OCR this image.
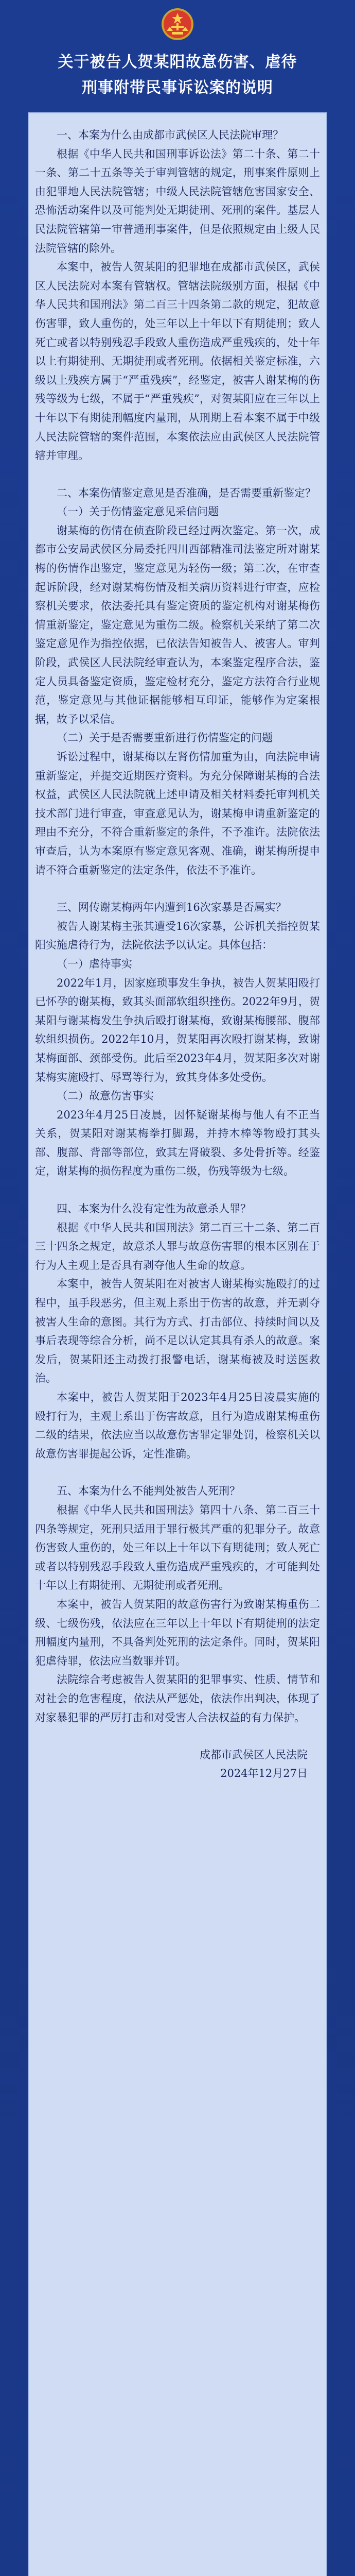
关于被告人贺某阳故意伤害、虐待
刑事附带民事诉讼案的说明

一、本案为什么由成都市武侯区人民法院审理？

根据《中华人民共和国刑事诉讼法》第二十条、第二十一条、第二十五条等关于审判管辖的规定，刑事案件原则上由犯罪地人民法院管辖；中级人民法院管辖危害国家安全、恐怖活动案件以及可能判处无期徒刑、死刑的案件。基层人民法院管辖第一审普通刑事案件，但是依照规定由上级人民法院管辖的除外。

本案中，被告人贺某阳的犯罪地在成都市武侯区，武侯区人民法院对本案有管辖权。管辖法院级别方面，根据《中华人民共和国刑法》第二百三十四条第二款的规定，犯故意伤害罪，致人重伤的，处三年以上十年以下有期徒刑；致人死亡或者以特别残忍手段致人重伤造成严重残疾的，处十年以上有期徒刑、无期徒刑或者死刑。依据相关鉴定标准，六级以上残疾方属于“严重残疾”，经鉴定，被害人谢某梅的伤残等级为七级，不属于“严重残疾”，对贺某阳应在三年以上十年以下有期徒刑幅度内量刑，从刑期上看本案不属于中级人民法院管辖的案件范围，本案依法应由武侯区人民法院管辖并审理。

二、本案伤情鉴定意见是否准确，是否需要重新鉴定？

（一）关于伤情鉴定意见采信问题

谢某梅的伤情在侦查阶段已经过两次鉴定。第一次，成都市公安局武侯区分局委托四川西部精准司法鉴定所对谢某梅的伤情作出鉴定，鉴定意见为轻伤一级；第二次，在审查起诉阶段，经对谢某梅伤情及相关病历资料进行审查，应检察机关要求，依法委托具有鉴定资质的鉴定机构对谢某梅伤情重新鉴定，鉴定意见为重伤二级。检察机关采纳了第二次鉴定意见作为指控依据，已依法告知被告人、被害人。审判阶段，武侯区人民法院经审查认为，本案鉴定程序合法，鉴定人员具备鉴定资质，鉴定检材充分，鉴定方法符合行业规范，鉴定意见与其他证据能够相互印证，能够作为定案根据，故予以采信。

（二）关于是否需要重新进行伤情鉴定的问题

诉讼过程中，谢某梅以左肾伤情加重为由，向法院申请重新鉴定，并提交近期医疗资料。为充分保障谢某梅的合法权益，武侯区人民法院就上述申请及相关材料委托审判机关技术部门进行审查，审查意见认为，谢某梅申请重新鉴定的理由不充分，不符合重新鉴定的条件，不予准许。法院依法审查后，认为本案原有鉴定意见客观、准确，谢某梅所提申请不符合重新鉴定的法定条件，依法不予准许。

三、网传谢某梅两年内遭到16次家暴是否属实？

被告人谢某梅主张其遭受16次家暴，公诉机关指控贺某阳实施虐待行为，法院依法予以认定。具体包括：

（一）虐待事实

2022年1月，因家庭琐事发生争执，被告人贺某阳殴打已怀孕的谢某梅，致其头面部软组织挫伤。2022年9月，贺某阳与谢某梅发生争执后殴打谢某梅，致谢某梅腰部、腹部软组织损伤。2022年10月，贺某阳再次殴打谢某梅，致谢某梅面部、颈部受伤。此后至2023年4月，贺某阳多次对谢某梅实施殴打、辱骂等行为，致其身体多处受伤。

（二）故意伤害事实

2023年4月25日凌晨，因怀疑谢某梅与他人有不正当关系，贺某阳对谢某梅拳打脚踢，并持木棒等物殴打其头部、腹部、背部等部位，致其左肾破裂、多处骨折等。经鉴定，谢某梅的损伤程度为重伤二级，伤残等级为七级。

四、本案为什么没有定性为故意杀人罪？

根据《中华人民共和国刑法》第二百三十二条、第二百三十四条之规定，故意杀人罪与故意伤害罪的根本区别在于行为人主观上是否具有剥夺他人生命的故意。

本案中，被告人贺某阳在对被害人谢某梅实施殴打的过程中，虽手段恶劣，但主观上系出于伤害的故意，并无剥夺被害人生命的意图。其行为方式、打击部位、持续时间以及事后表现等综合分析，尚不足以认定其具有杀人的故意。案发后，贺某阳还主动拨打报警电话，谢某梅被及时送医救治。

本案中，被告人贺某阳于2023年4月25日凌晨实施的殴打行为，主观上系出于伤害故意，且行为造成谢某梅重伤二级的结果，依法应当以故意伤害罪定罪处罚，检察机关以故意伤害罪提起公诉，定性准确。

五、本案为什么不能判处被告人死刑？

根据《中华人民共和国刑法》第四十八条、第二百三十四条等规定，死刑只适用于罪行极其严重的犯罪分子。故意伤害致人重伤的，处三年以上十年以下有期徒刑；致人死亡或者以特别残忍手段致人重伤造成严重残疾的，才可能判处十年以上有期徒刑、无期徒刑或者死刑。

本案中，被告人贺某阳的故意伤害行为致谢某梅重伤二级、七级伤残，依法应在三年以上十年以下有期徒刑的法定刑幅度内量刑，不具备判处死刑的法定条件。同时，贺某阳犯虐待罪，依法应当数罪并罚。

法院综合考虑被告人贺某阳的犯罪事实、性质、情节和对社会的危害程度，依法从严惩处，依法作出判决，体现了对家暴犯罪的严厉打击和对受害人合法权益的有力保护。

成都市武侯区人民法院
2024年12月27日
